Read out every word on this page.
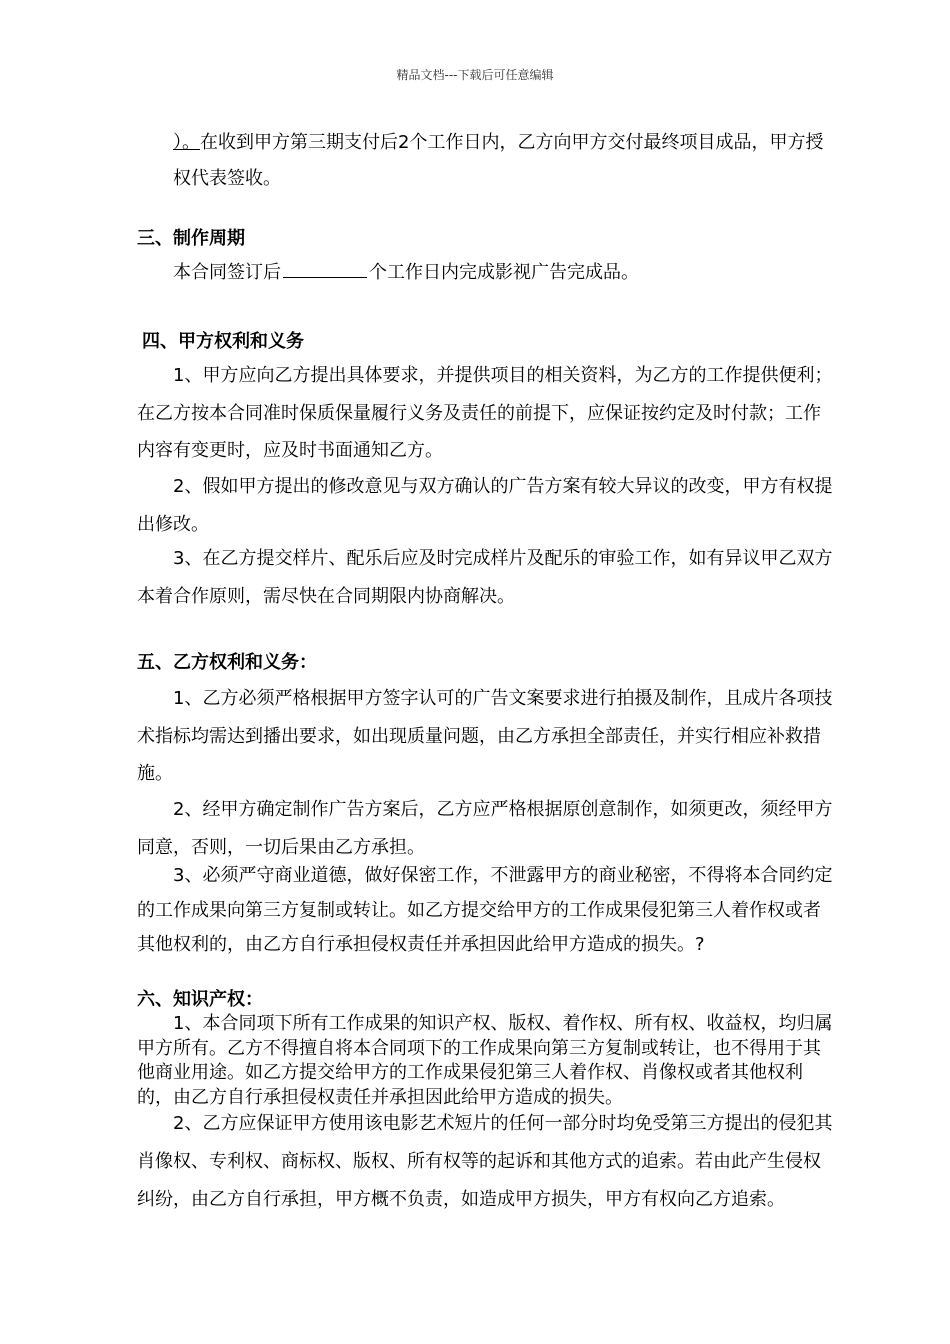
精品文档---下载后可任意编辑

）。在收到甲方第三期支付后2个工作日内，乙方向甲方交付最终项目成品，甲方授权代表签收。

三、制作周期

本合同签订后	个工作日内完成影视广告完成品。

四、甲方权利和义务

1、甲方应向乙方提出具体要求，并提供项目的相关资料，为乙方的工作提供便利；在乙方按本合同准时保质保量履行义务及责任的前提下，应保证按约定及时付款；工作内容有变更时，应及时书面通知乙方。

2、假如甲方提出的修改意见与双方确认的广告方案有较大异议的改变，甲方有权提出修改。

3、在乙方提交样片、配乐后应及时完成样片及配乐的审验工作，如有异议甲乙双方本着合作原则，需尽快在合同期限内协商解决。

五、乙方权利和义务：

1、乙方必须严格根据甲方签字认可的广告文案要求进行拍摄及制作，且成片各项技术指标均需达到播出要求，如出现质量问题，由乙方承担全部责任，并实行相应补救措施。

2、经甲方确定制作广告方案后，乙方应严格根据原创意制作，如须更改，须经甲方同意，否则，一切后果由乙方承担。

3、必须严守商业道德，做好保密工作，不泄露甲方的商业秘密，不得将本合同约定的工作成果向第三方复制或转让。如乙方提交给甲方的工作成果侵犯第三人着作权或者其他权利的，由乙方自行承担侵权责任并承担因此给甲方造成的损失。?

六、知识产权：

1、本合同项下所有工作成果的知识产权、版权、着作权、所有权、收益权，均归属甲方所有。乙方不得擅自将本合同项下的工作成果向第三方复制或转让，也不得用于其他商业用途。如乙方提交给甲方的工作成果侵犯第三人着作权、肖像权或者其他权利的，由乙方自行承担侵权责任并承担因此给甲方造成的损失。

2、乙方应保证甲方使用该电影艺术短片的任何一部分时均免受第三方提出的侵犯其肖像权、专利权、商标权、版权、所有权等的起诉和其他方式的追索。若由此产生侵权纠纷，由乙方自行承担，甲方概不负责，如造成甲方损失，甲方有权向乙方追索。
